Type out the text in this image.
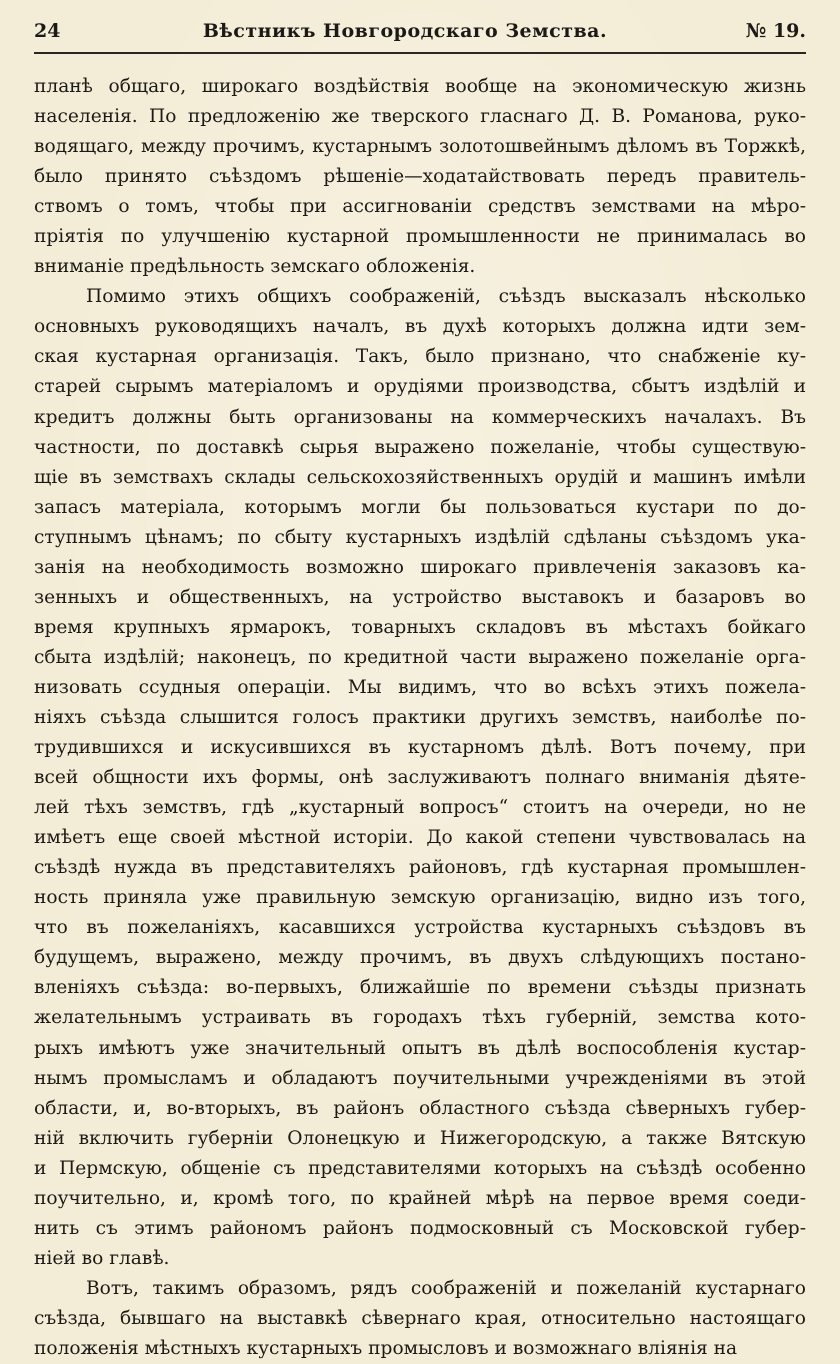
24	Вѣстникъ Новгородскаго Земства.	№ 19.

планѣ общаго, широкаго воздѣйствія вообще на экономическую жизнь
населенія. По предложенію же тверского гласнаго Д. В. Романова, руко-
водящаго, между прочимъ, кустарнымъ золотошвейнымъ дѣломъ въ Торжкѣ,
было принято съѣздомъ рѣшеніе—ходатайствовать передъ правитель-
ствомъ о томъ, чтобы при ассигнованіи средствъ земствами на мѣро-
пріятія по улучшенію кустарной промышленности не принималась во
вниманіе предѣльность земскаго обложенія.

Помимо этихъ общихъ соображеній, съѣздъ высказалъ нѣсколько
основныхъ руководящихъ началъ, въ духѣ которыхъ должна идти зем-
ская кустарная организація. Такъ, было признано, что снабженіе ку-
старей сырымъ матеріаломъ и орудіями производства, сбытъ издѣлій и
кредитъ должны быть организованы на коммерческихъ началахъ. Въ
частности, по доставкѣ сырья выражено пожеланіе, чтобы существую-
щіе въ земствахъ склады сельскохозяйственныхъ орудій и машинъ имѣли
запасъ матеріала, которымъ могли бы пользоваться кустари по до-
ступнымъ цѣнамъ; по сбыту кустарныхъ издѣлій сдѣланы съѣздомъ ука-
занія на необходимость возможно широкаго привлеченія заказовъ ка-
зенныхъ и общественныхъ, на устройство выставокъ и базаровъ во
время крупныхъ ярмарокъ, товарныхъ складовъ въ мѣстахъ бойкаго
сбыта издѣлій; наконецъ, по кредитной части выражено пожеланіе орга-
низовать ссудныя операціи. Мы видимъ, что во всѣхъ этихъ пожела-
ніяхъ съѣзда слышится голосъ практики другихъ земствъ, наиболѣе по-
трудившихся и искусившихся въ кустарномъ дѣлѣ. Вотъ почему, при
всей общности ихъ формы, онѣ заслуживаютъ полнаго вниманія дѣяте-
лей тѣхъ земствъ, гдѣ „кустарный вопросъ“ стоитъ на очереди, но не
имѣетъ еще своей мѣстной исторіи. До какой степени чувствовалась на
съѣздѣ нужда въ представителяхъ районовъ, гдѣ кустарная промышлен-
ность приняла уже правильную земскую организацію, видно изъ того,
что въ пожеланіяхъ, касавшихся устройства кустарныхъ съѣздовъ въ
будущемъ, выражено, между прочимъ, въ двухъ слѣдующихъ постано-
вленіяхъ съѣзда: во-первыхъ, ближайшіе по времени съѣзды признать
желательнымъ устраивать въ городахъ тѣхъ губерній, земства кото-
рыхъ имѣютъ уже значительный опытъ въ дѣлѣ воспособленія кустар-
нымъ промысламъ и обладаютъ поучительными учрежденіями въ этой
области, и, во-вторыхъ, въ районъ областного съѣзда сѣверныхъ губер-
ній включить губерніи Олонецкую и Нижегородскую, а также Вятскую
и Пермскую, общеніе съ представителями которыхъ на съѣздѣ особенно
поучительно, и, кромѣ того, по крайней мѣрѣ на первое время соеди-
нить съ этимъ райономъ районъ подмосковный съ Московской губер-
ніей во главѣ.

Вотъ, такимъ образомъ, рядъ соображеній и пожеланій кустарнаго
съѣзда, бывшаго на выставкѣ сѣвернаго края, относительно настоящаго
положенія мѣстныхъ кустарныхъ промысловъ и возможнаго вліянія на
